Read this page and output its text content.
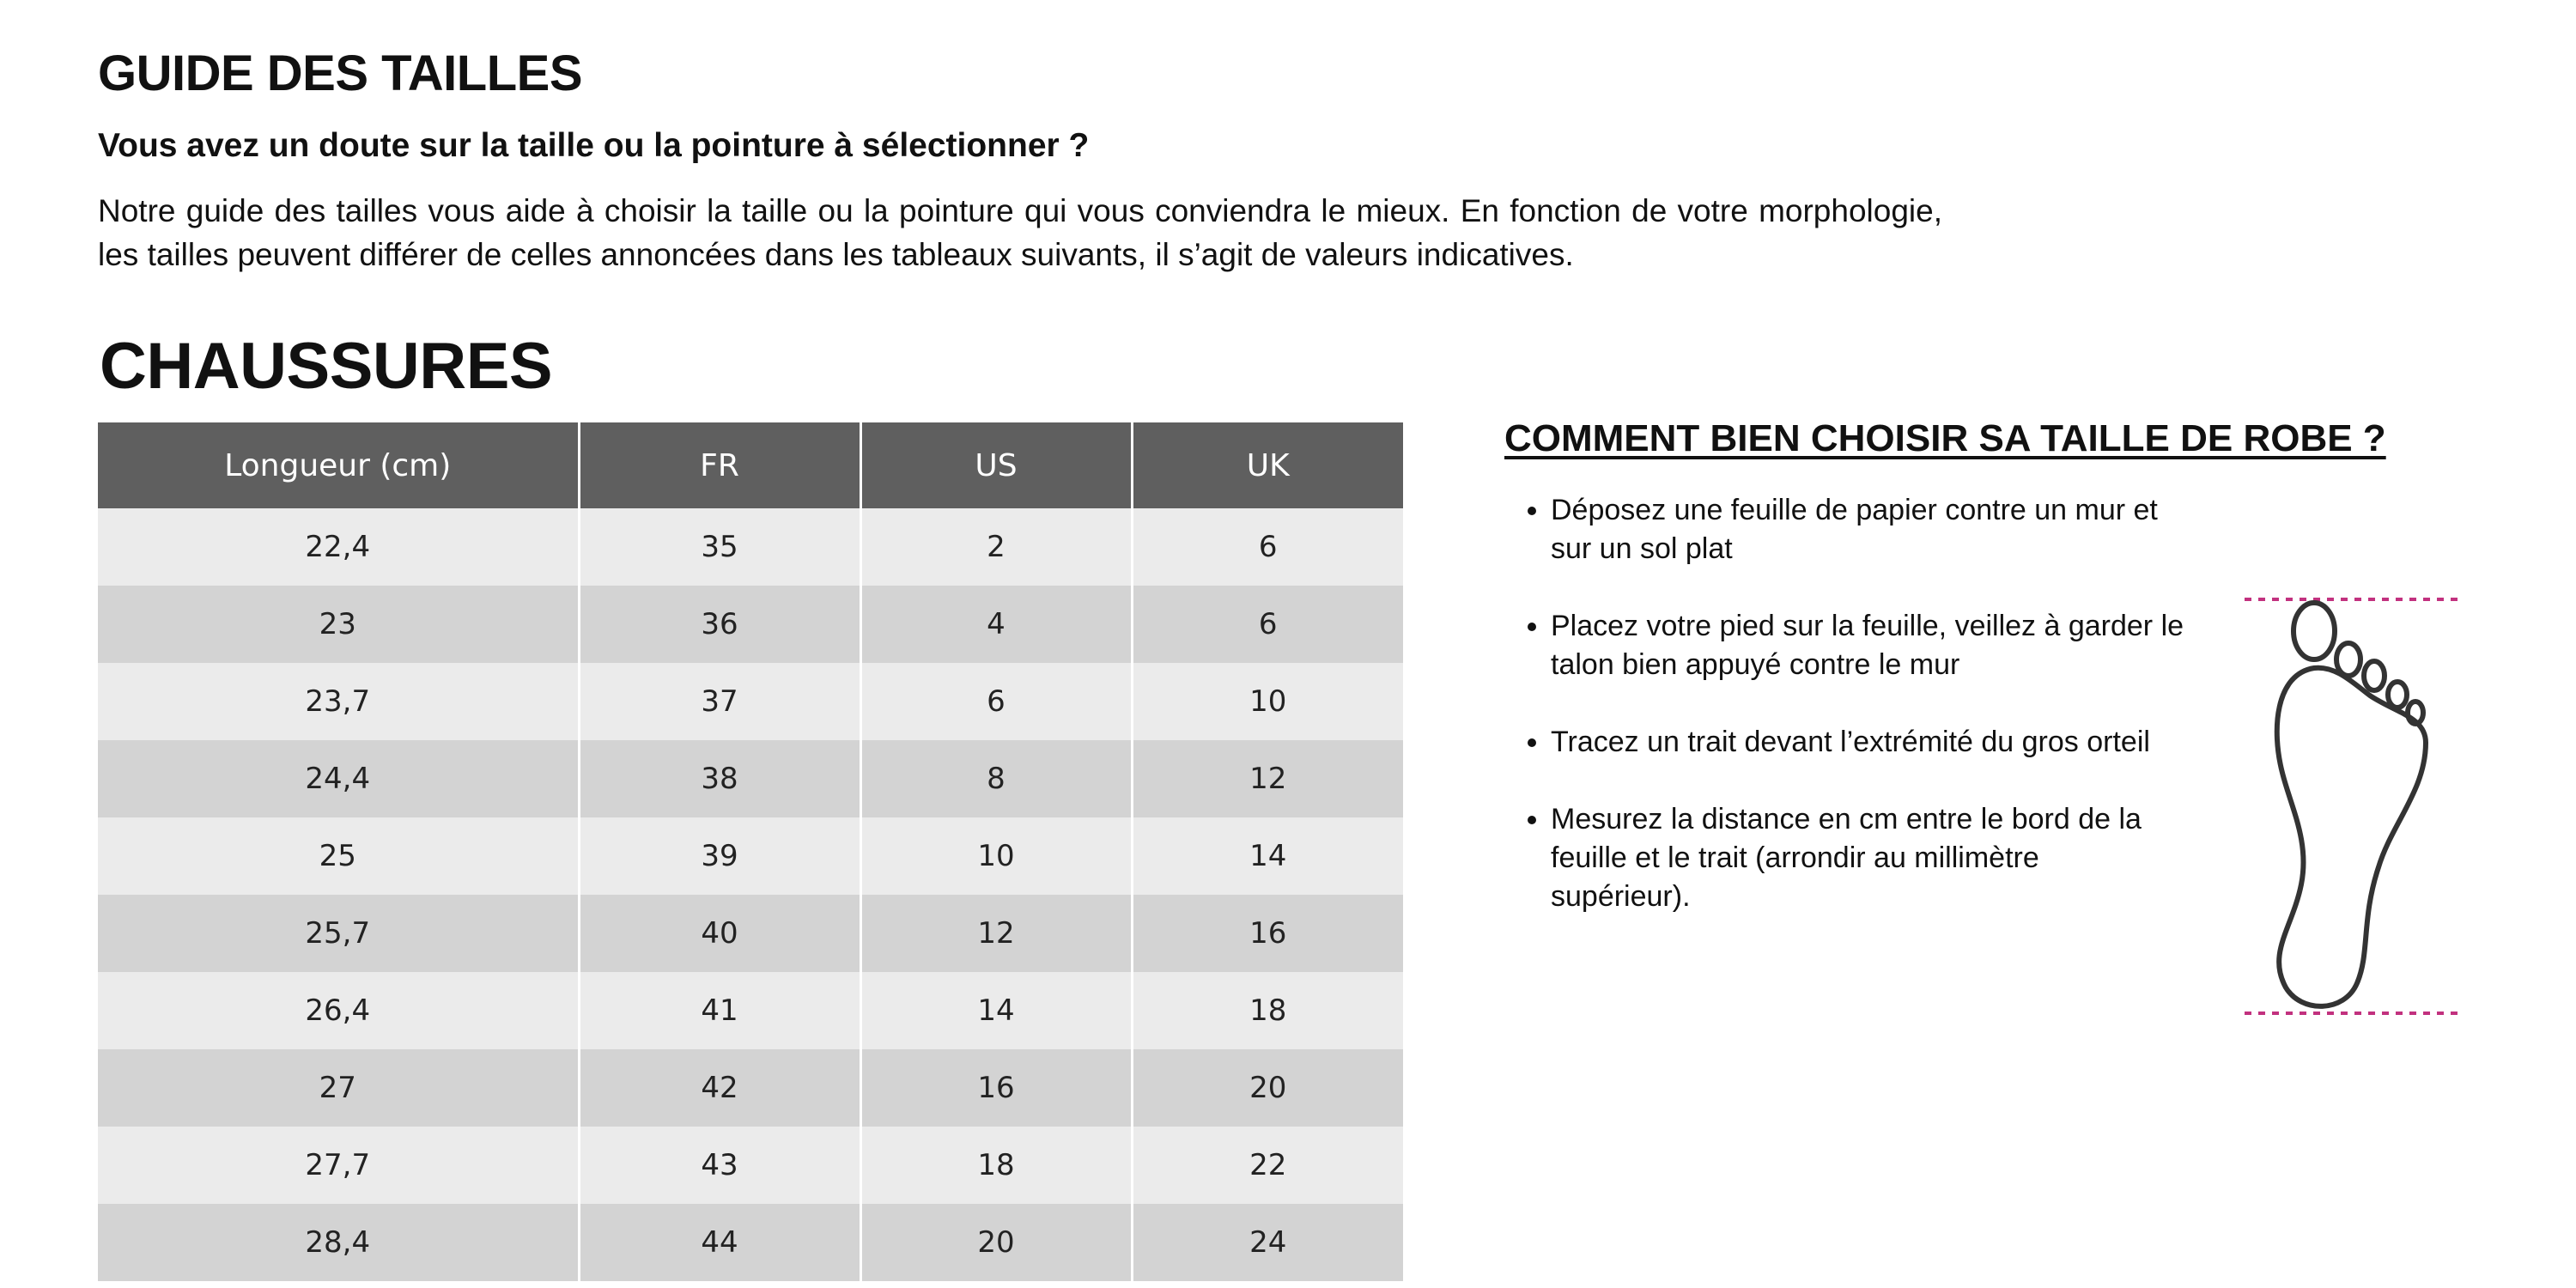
GUIDE DES TAILLES
Vous avez un doute sur la taille ou la pointure à sélectionner ?

Notre guide des tailles vous aide à choisir la taille ou la pointure qui vous conviendra le mieux. En fonction de votre morphologie, les tailles peuvent différer de celles annoncées dans les tableaux suivants, il s’agit de valeurs indicatives.

CHAUSSURES
Longueur (cm)	FR	US	UK
22,4	35	2	6
23	36	4	6
23,7	37	6	10
24,4	38	8	12
25	39	10	14
25,7	40	12	16
26,4	41	14	18
27	42	16	20
27,7	43	18	22
28,4	44	20	24
COMMENT BIEN CHOISIR SA TAILLE DE ROBE ?
• Déposez une feuille de papier contre un mur et sur un sol plat
• Placez votre pied sur la feuille, veillez à garder le talon bien appuyé contre le mur
• Tracez un trait devant l’extrémité du gros orteil
• Mesurez la distance en cm entre le bord de la feuille et le trait (arrondir au millimètre supérieur).
